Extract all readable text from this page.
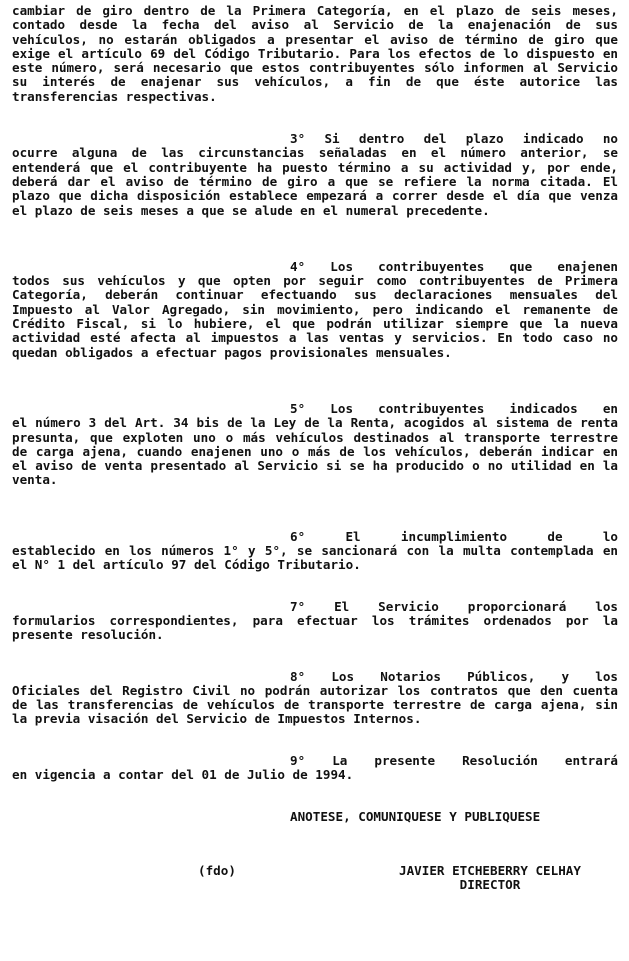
cambiar de giro dentro de la Primera Categoría, en el plazo de seis meses, contado desde la fecha del aviso al Servicio de la enajenación de sus vehículos, no estarán obligados a presentar el aviso de término de giro que exige el artículo 69 del Código Tributario. Para los efectos de lo dispuesto en este número, será necesario que estos contribuyentes sólo informen al Servicio su interés de enajenar sus vehículos, a fin de que éste autorice las transferencias respectivas.

3° Si dentro del plazo indicado no
ocurre alguna de las circunstancias señaladas en el número anterior, se entenderá que el contribuyente ha puesto término a su actividad y, por ende, deberá dar el aviso de término de giro a que se refiere la norma citada. El plazo que dicha disposición establece empezará a correr desde el día que venza el plazo de seis meses a que se alude en el numeral precedente.

4° Los contribuyentes que enajenen
todos sus vehículos y que opten por seguir como contribuyentes de Primera Categoría, deberán continuar efectuando sus declaraciones mensuales del Impuesto al Valor Agregado, sin movimiento, pero indicando el remanente de Crédito Fiscal, si lo hubiere, el que podrán utilizar siempre que la nueva actividad esté afecta al impuestos a las ventas y servicios. En todo caso no quedan obligados a efectuar pagos provisionales mensuales.

5° Los contribuyentes indicados en
el número 3 del Art. 34 bis de la Ley de la Renta, acogidos al sistema de renta presunta, que exploten uno o más vehículos destinados al transporte terrestre de carga ajena, cuando enajenen uno o más de los vehículos, deberán indicar en el aviso de venta presentado al Servicio si se ha producido o no utilidad en la venta.

6° El incumplimiento de lo
establecido en los números 1° y 5°, se sancionará con la multa contemplada en el N° 1 del artículo 97 del Código Tributario.

7° El Servicio proporcionará los
formularios correspondientes, para efectuar los trámites ordenados por la presente resolución.

8° Los Notarios Públicos, y los
Oficiales del Registro Civil no podrán autorizar los contratos que den cuenta de las transferencias de vehículos de transporte terrestre de carga ajena, sin la previa visación del Servicio de Impuestos Internos.

9° La presente Resolución entrará
en vigencia a contar del 01 de Julio de 1994.

ANOTESE, COMUNIQUESE Y PUBLIQUESE
(fdo)	JAVIER ETCHEBERRY CELHAY
DIRECTOR
